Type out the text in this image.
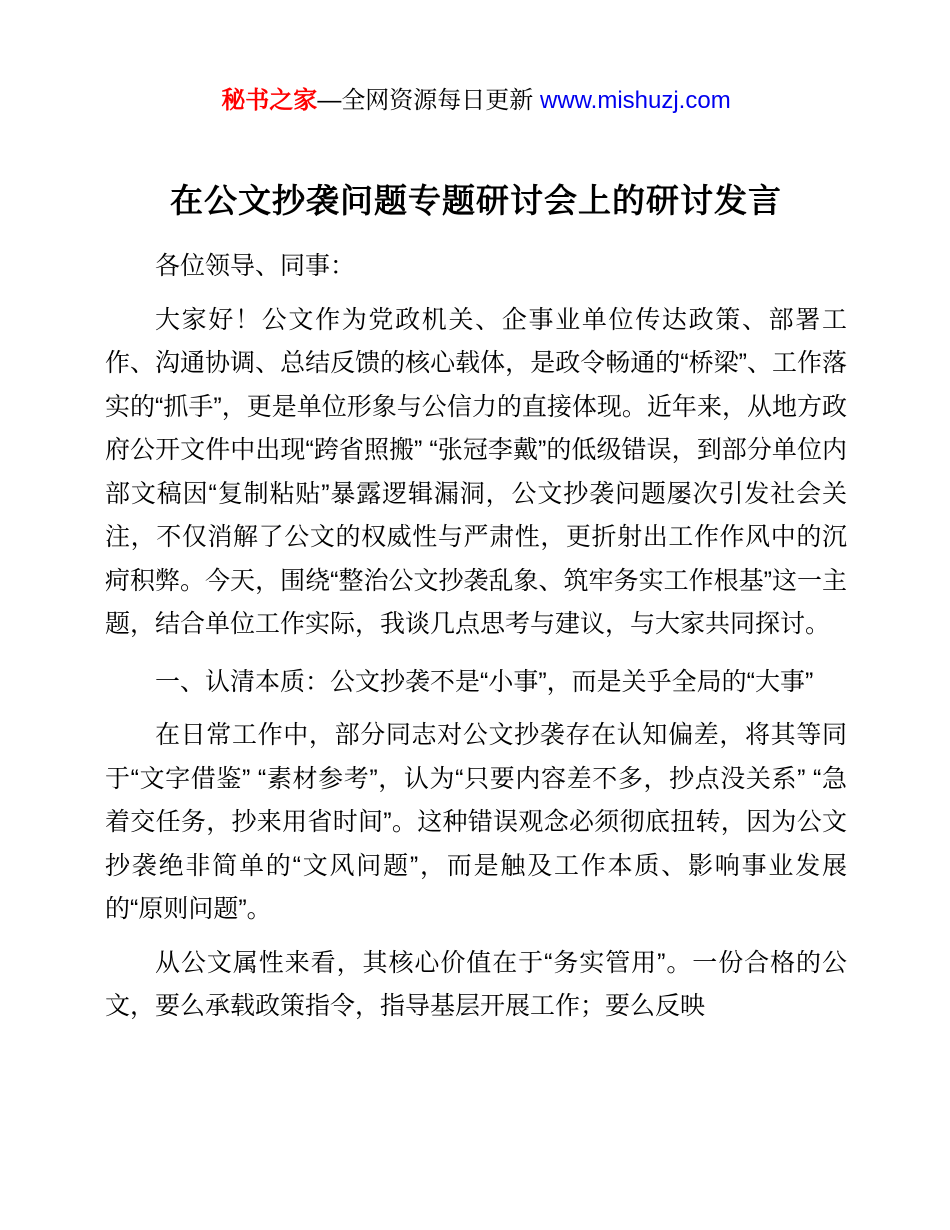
秘书之家—全网资源每日更新 www.mishuzj.com
在公文抄袭问题专题研讨会上的研讨发言

各位领导、同事：

大家好！公文作为党政机关、企事业单位传达政策、部署工作、沟通协调、总结反馈的核心载体，是政令畅通的“桥梁”、工作落实的“抓手”，更是单位形象与公信力的直接体现。近年来，从地方政府公开文件中出现“跨省照搬” “张冠李戴”的低级错误，到部分单位内部文稿因“复制粘贴”暴露逻辑漏洞，公文抄袭问题屡次引发社会关注，不仅消解了公文的权威性与严肃性，更折射出工作作风中的沉疴积弊。今天，围绕“整治公文抄袭乱象、筑牢务实工作根基”这一主题，结合单位工作实际，我谈几点思考与建议，与大家共同探讨。

一、认清本质：公文抄袭不是“小事”，而是关乎全局的“大事”

在日常工作中，部分同志对公文抄袭存在认知偏差，将其等同于“文字借鉴” “素材参考”，认为“只要内容差不多，抄点没关系” “急着交任务，抄来用省时间”。这种错误观念必须彻底扭转，因为公文抄袭绝非简单的“文风问题”，而是触及工作本质、影响事业发展的“原则问题”。

从公文属性来看，其核心价值在于“务实管用”。一份合格的公文，要么承载政策指令，指导基层开展工作；要么反映
